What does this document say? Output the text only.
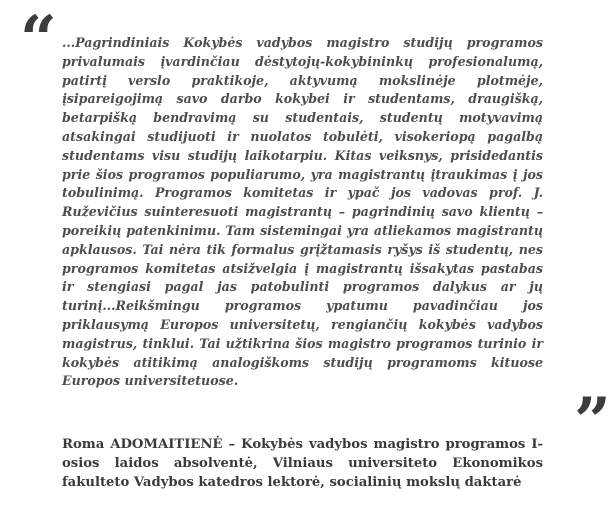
“ ...Pagrindiniais Kokybės vadybos magistro studijų programos privalumais įvardinčiau dėstytojų-kokybininkų profesionalumą, patirtį verslo praktikoje, aktyvumą mokslinėje plotmėje, įsipareigojimą savo darbo kokybei ir studentams, draugišką, betarpišką bendravimą su studentais, studentų motyvavimą atsakingai studijuoti ir nuolatos tobulėti, visokeriopą pagalbą studentams visu studijų laikotarpiu. Kitas veiksnys, prisidedantis prie šios programos populiarumo, yra magistrantų įtraukimas į jos tobulinimą. Programos komitetas ir ypač jos vadovas prof. J. Ruževičius suinteresuoti magistrantų – pagrindinių savo klientų – poreikių patenkinimu. Tam sistemingai yra atliekamos magistrantų apklausos. Tai nėra tik formalus grįžtamasis ryšys iš studentų, nes programos komitetas atsižvelgia į magistrantų išsakytas pastabas ir stengiasi pagal jas patobulinti programos dalykus ar jų turinį...Reikšmingu programos ypatumu pavadinčiau jos priklausymą Europos universitetų, rengiančių kokybės vadybos magistrus, tinklui. Tai užtikrina šios magistro programos turinio ir kokybės atitikimą analogiškoms studijų programoms kituose Europos universitetuose.

”

Roma ADOMAITIENĖ – Kokybės vadybos magistro programos I-osios laidos absolventė, Vilniaus universiteto Ekonomikos fakulteto Vadybos katedros lektorė, socialinių mokslų daktarė
